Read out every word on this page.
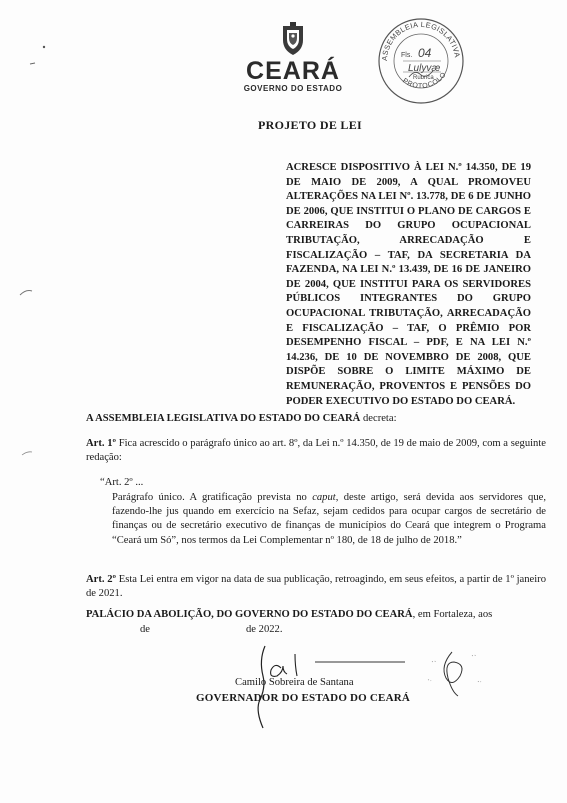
CEARÁ
GOVERNO DO ESTADO
ASSEMBLEIA LEGISLATIVA
PROTOCOLO
Fls. 04
Lulyvæ
Rubrica
PROJETO DE LEI
ACRESCE DISPOSITIVO À LEI N.º 14.350, DE 19 DE MAIO DE 2009, A QUAL PROMOVEU ALTERAÇÕES NA LEI Nº. 13.778, DE 6 DE JUNHO DE 2006, QUE INSTITUI O PLANO DE CARGOS E CARREIRAS DO GRUPO OCUPACIONAL TRIBUTAÇÃO, ARRECADAÇÃO E FISCALIZAÇÃO – TAF, DA SECRETARIA DA FAZENDA, NA LEI N.º 13.439, DE 16 DE JANEIRO DE 2004, QUE INSTITUI PARA OS SERVIDORES PÚBLICOS INTEGRANTES DO GRUPO OCUPACIONAL TRIBUTAÇÃO, ARRECADAÇÃO E FISCALIZAÇÃO – TAF, O PRÊMIO POR DESEMPENHO FISCAL – PDF, E NA LEI N.º 14.236, DE 10 DE NOVEMBRO DE 2008, QUE DISPÕE SOBRE O LIMITE MÁXIMO DE REMUNERAÇÃO, PROVENTOS E PENSÕES DO PODER EXECUTIVO DO ESTADO DO CEARÁ.
A ASSEMBLEIA LEGISLATIVA DO ESTADO DO CEARÁ decreta:
Art. 1º Fica acrescido o parágrafo único ao art. 8º, da Lei n.º 14.350, de 19 de maio de 2009, com a seguinte redação:
“Art. 2º ...
Parágrafo único. A gratificação prevista no caput, deste artigo, será devida aos servidores que, fazendo-lhe jus quando em exercício na Sefaz, sejam cedidos para ocupar cargos de secretário de finanças ou de secretário executivo de finanças de municípios do Ceará que integrem o Programa “Ceará um Só”, nos termos da Lei Complementar nº 180, de 18 de julho de 2018.”
Art. 2º Esta Lei entra em vigor na data de sua publicação, retroagindo, em seus efeitos, a partir de 1º janeiro de 2021.
PALÁCIO DA ABOLIÇÃO, DO GOVERNO DO ESTADO DO CEARÁ, em Fortaleza, aos
de	de 2022.
Camilo Sobreira de Santana
GOVERNADOR DO ESTADO DO CEARÁ
